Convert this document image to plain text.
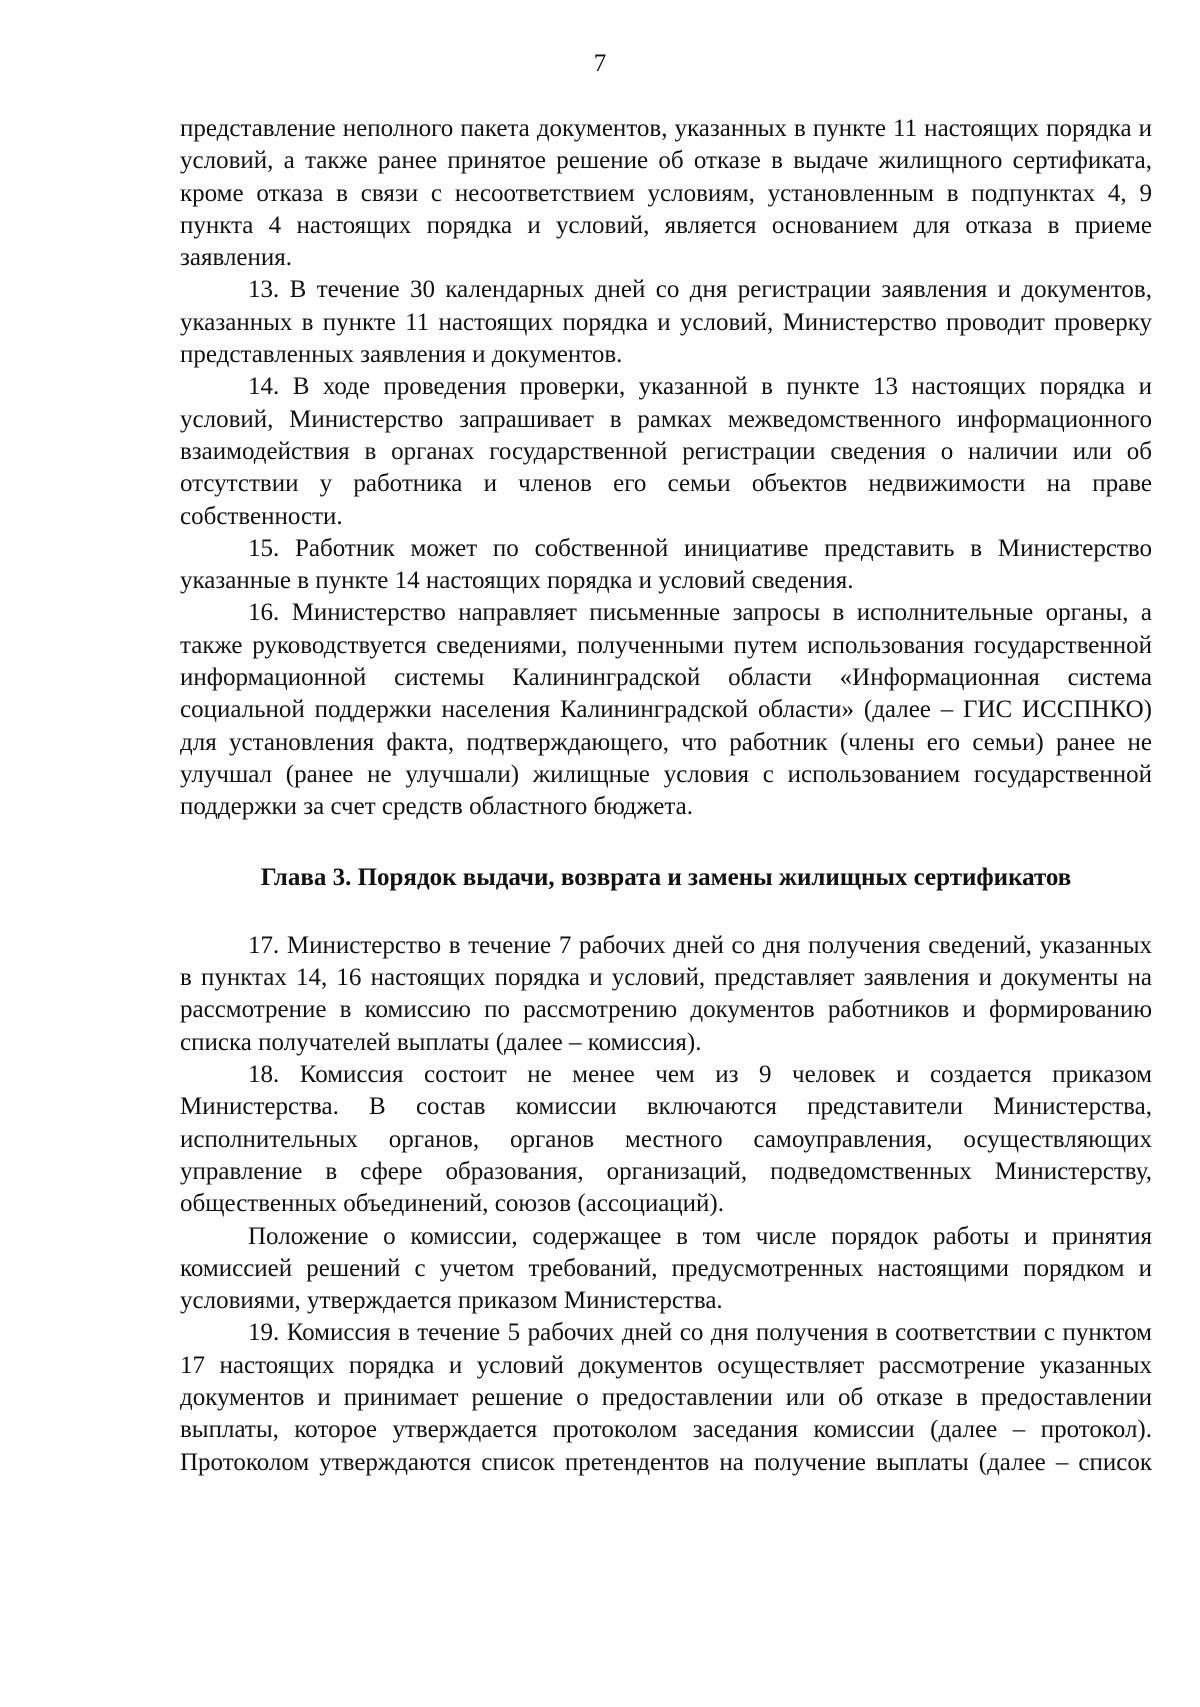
7

представление неполного пакета документов, указанных в пункте 11 настоящих порядка и условий, а также ранее принятое решение об отказе в выдаче жилищного сертификата, кроме отказа в связи с несоответствием условиям, установленным в подпунктах 4, 9 пункта 4 настоящих порядка и условий, является основанием для отказа в приеме заявления.

13. В течение 30 календарных дней со дня регистрации заявления и документов, указанных в пункте 11 настоящих порядка и условий, Министерство проводит проверку представленных заявления и документов.

14. В ходе проведения проверки, указанной в пункте 13 настоящих порядка и условий, Министерство запрашивает в рамках межведомственного информационного взаимодействия в органах государственной регистрации сведения о наличии или об отсутствии у работника и членов его семьи объектов недвижимости на праве собственности.

15. Работник может по собственной инициативе представить в Министерство указанные в пункте 14 настоящих порядка и условий сведения.

16. Министерство направляет письменные запросы в исполнительные органы, а также руководствуется сведениями, полученными путем использования государственной информационной системы Калининградской области «Информационная система социальной поддержки населения Калининградской области» (далее – ГИС ИССПНКО) для установления факта, подтверждающего, что работник (члены его семьи) ранее не улучшал (ранее не улучшали) жилищные условия с использованием государственной поддержки за счет средств областного бюджета.

Глава 3. Порядок выдачи, возврата и замены жилищных сертификатов

17. Министерство в течение 7 рабочих дней со дня получения сведений, указанных в пунктах 14, 16 настоящих порядка и условий, представляет заявления и документы на рассмотрение в комиссию по рассмотрению документов работников и формированию списка получателей выплаты (далее – комиссия).

18. Комиссия состоит не менее чем из 9 человек и создается приказом Министерства. В состав комиссии включаются представители Министерства, исполнительных органов, органов местного самоуправления, осуществляющих управление в сфере образования, организаций, подведомственных Министерству, общественных объединений, союзов (ассоциаций).

Положение о комиссии, содержащее в том числе порядок работы и принятия комиссией решений с учетом требований, предусмотренных настоящими порядком и условиями, утверждается приказом Министерства.

19. Комиссия в течение 5 рабочих дней со дня получения в соответствии с пунктом 17 настоящих порядка и условий документов осуществляет рассмотрение указанных документов и принимает решение о предоставлении или об отказе в предоставлении выплаты, которое утверждается протоколом заседания комиссии (далее – протокол). Протоколом утверждаются список претендентов на получение выплаты (далее – список
